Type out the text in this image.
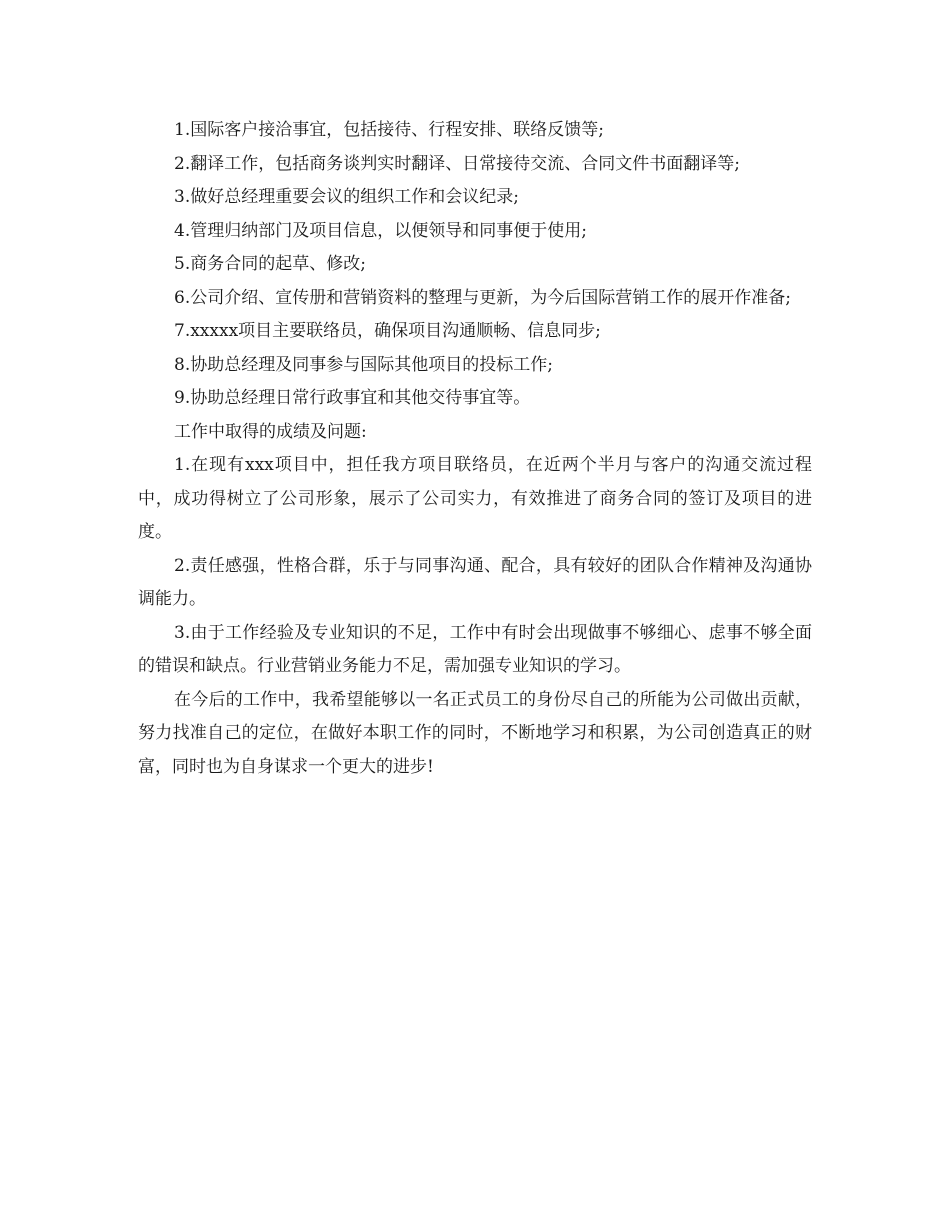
1.国际客户接洽事宜，包括接待、行程安排、联络反馈等;

2.翻译工作，包括商务谈判实时翻译、日常接待交流、合同文件书面翻译等;

3.做好总经理重要会议的组织工作和会议纪录;

4.管理归纳部门及项目信息，以便领导和同事便于使用;

5.商务合同的起草、修改;

6.公司介绍、宣传册和营销资料的整理与更新，为今后国际营销工作的展开作准备;

7.xxxxx项目主要联络员，确保项目沟通顺畅、信息同步;

8.协助总经理及同事参与国际其他项目的投标工作;

9.协助总经理日常行政事宜和其他交待事宜等。

工作中取得的成绩及问题:

1.在现有xxx项目中，担任我方项目联络员，在近两个半月与客户的沟通交流过程中，成功得树立了公司形象，展示了公司实力，有效推进了商务合同的签订及项目的进度。

2.责任感强，性格合群，乐于与同事沟通、配合，具有较好的团队合作精神及沟通协调能力。

3.由于工作经验及专业知识的不足，工作中有时会出现做事不够细心、虑事不够全面的错误和缺点。行业营销业务能力不足，需加强专业知识的学习。

在今后的工作中，我希望能够以一名正式员工的身份尽自己的所能为公司做出贡献，努力找准自己的定位，在做好本职工作的同时，不断地学习和积累，为公司创造真正的财富，同时也为自身谋求一个更大的进步!
